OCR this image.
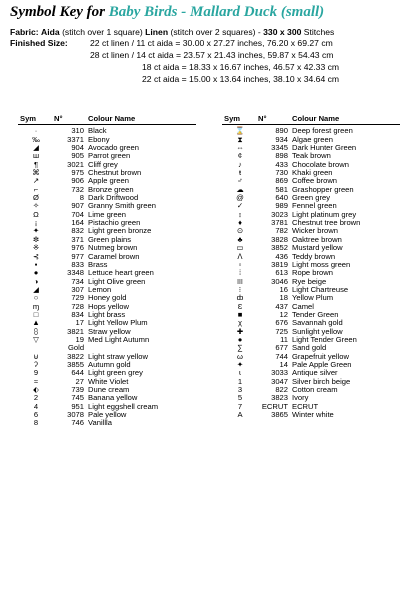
Symbol Key for Baby Birds - Mallard Duck (small)
Fabric: Aida (stitch over 1 square) Linen (stitch over 2 squares) - 330 x 300 Stitches
Finished Size:	22 ct linen / 11 ct aida = 30.00 x 27.27 inches, 76.20 x 69.27 cm
28 ct linen / 14 ct aida = 23.57 x 21.43 inches, 59.87 x 54.43 cm
18 ct aida = 18.33 x 16.67 inches, 46.57 x 42.33 cm
22 ct aida = 15.00 x 13.64 inches, 38.10 x 34.64 cm
Sym	N°	Colour Name
·	310	Black
‰	3371	Ebony
◢	904	Avocado green
ш	905	Parrot green
¶	3021	Cliff grey
⌘	975	Chestnut brown
↗	906	Apple green
⌐	732	Bronze green
Ø	8	Dark Driftwood
✧	907	Granny Smith green
Ω	704	Lime green
¡	164	Pistachio green
✦	832	Light green bronze
✼	371	Green plains
※	976	Nutmeg brown
⊰	977	Caramel brown
▪	833	Brass
●	3348	Lettuce heart green
◑	734	Light Olive green
◢	307	Lemon
○	729	Honey gold
ɱ	728	Hops yellow
□	834	Light brass
▲	17	Light Yellow Plum
⩉	3821	Straw yellow
▽	19	Med Light Autumn
		Gold
⊍	3822	Light straw yellow
ʔ	3855	Autumn gold
9	644	Light green grey
≈	27	White Violet
⬖	739	Dune cream
2	745	Banana yellow
4	951	Light eggshell cream
6	3078	Pale yellow
8	746	Vanillla
Sym	N°	Colour Name
⌛	890	Deep forest green
⧗	934	Algae green
⇔	3345	Dark Hunter Green
¢	898	Teak brown
♪	433	Chocolate brown
ŧ	730	Khaki green
♂	869	Coffee brown
☁	581	Grashopper green
@	640	Green grey
✓	989	Fennel green
⦂	3023	Light platinum grey
♦	3781	Chestnut tree brown
⊙	782	Wicker brown
♣	3828	Oaktree brown
▭	3852	Mustard yellow
ⴷ	436	Teddy brown
▫	3819	Light moss green
⁞	613	Rope brown
Ⲽ	3046	Rye beige
⁝	16	Light Chartreuse
ȸ	18	Yellow Plum
Ɛ	437	Camel
■	12	Tender Green
χ	676	Savannah gold
✚	725	Sunlight yellow
●	11	Light Tender Green

∑	677	Sand gold
ω	744	Grapefruit yellow
✦	14	Pale Apple Green
ɩ	3033	Antique silver
1	3047	Silver birch beige
3	822	Cotton cream
5	3823	Ivory
7	ECRUT	ECRUT
A	3865	Winter white
